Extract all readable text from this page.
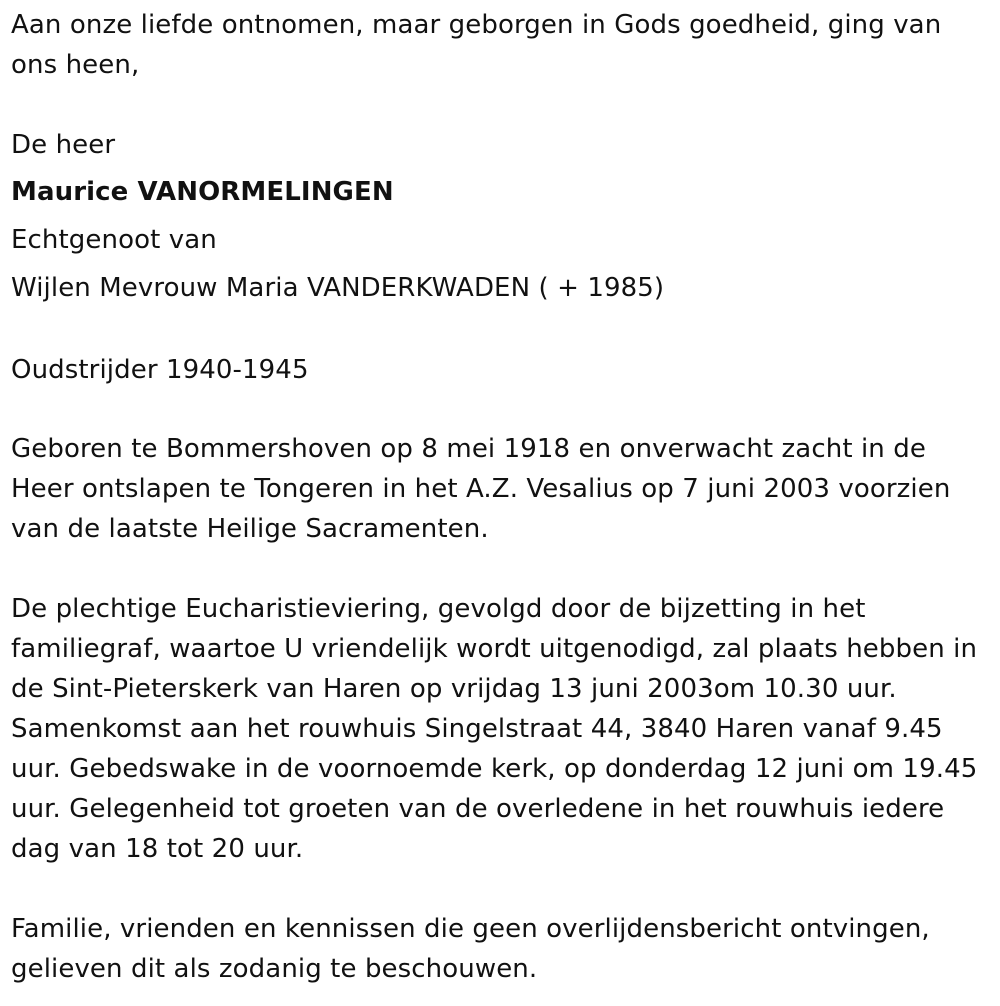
Aan onze liefde ontnomen, maar geborgen in Gods goedheid, ging van ons heen,

De heer

Maurice VANORMELINGEN

Echtgenoot van

Wijlen Mevrouw Maria VANDERKWADEN ( + 1985)

Oudstrijder 1940-1945

Geboren te Bommershoven op 8 mei 1918 en onverwacht zacht in de Heer ontslapen te Tongeren in het A.Z. Vesalius op 7 juni 2003 voorzien van de laatste Heilige Sacramenten.

De plechtige Eucharistieviering, gevolgd door de bijzetting in het familiegraf, waartoe U vriendelijk wordt uitgenodigd, zal plaats hebben in de Sint-Pieterskerk van Haren op vrijdag 13 juni 2003om 10.30 uur. Samenkomst aan het rouwhuis Singelstraat 44, 3840 Haren vanaf 9.45 uur. Gebedswake in de voornoemde kerk, op donderdag 12 juni om 19.45 uur. Gelegenheid tot groeten van de overledene in het rouwhuis iedere dag van 18 tot 20 uur.

Familie, vrienden en kennissen die geen overlijdensbericht ontvingen, gelieven dit als zodanig te beschouwen.
